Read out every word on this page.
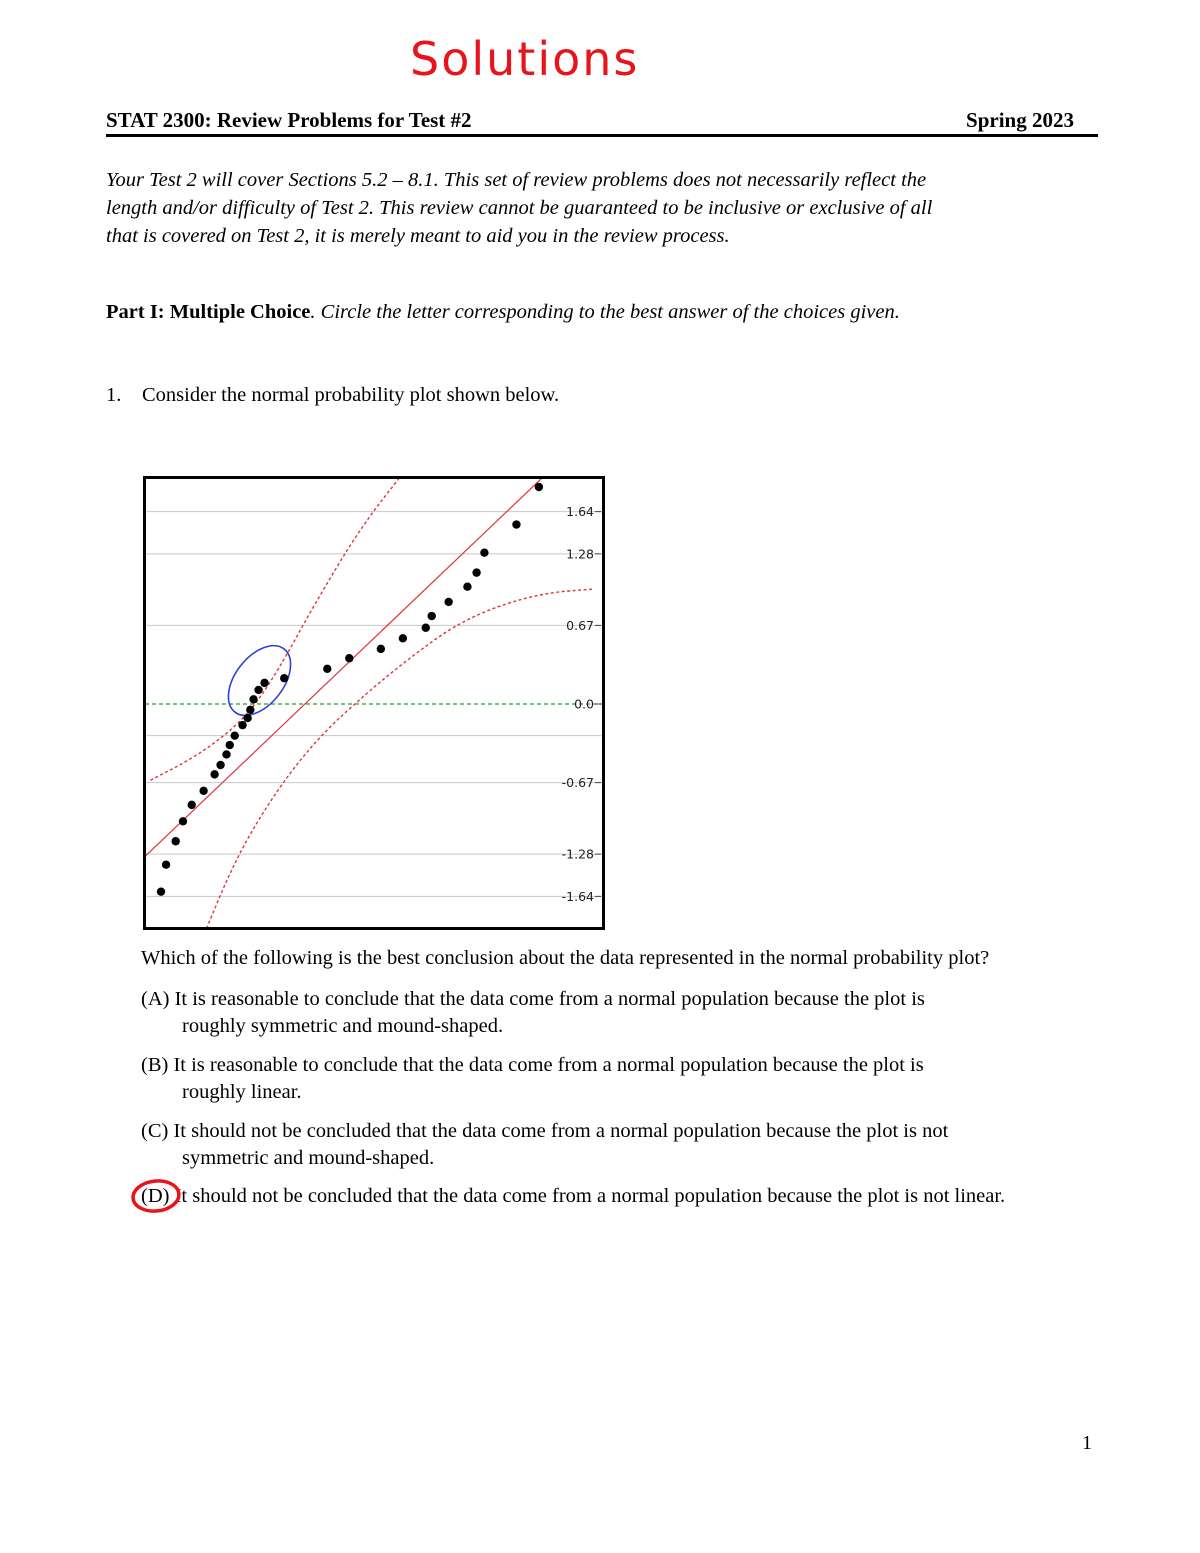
Solutions
STAT 2300: Review Problems for Test #2	Spring 2023
Your Test 2 will cover Sections 5.2 – 8.1. This set of review problems does not necessarily reflect the
length and/or difficulty of Test 2. This review cannot be guaranteed to be inclusive or exclusive of all
that is covered on Test 2, it is merely meant to aid you in the review process.
Part I: Multiple Choice. Circle the letter corresponding to the best answer of the choices given.
1. Consider the normal probability plot shown below.
1.64
1.28
0.67
0.0
-0.67
-1.28
-1.64
Which of the following is the best conclusion about the data represented in the normal probability plot?
(A) It is reasonable to conclude that the data come from a normal population because the plot is
roughly symmetric and mound-shaped.
(B) It is reasonable to conclude that the data come from a normal population because the plot is
roughly linear.
(C) It should not be concluded that the data come from a normal population because the plot is not
symmetric and mound-shaped.
(D) It should not be concluded that the data come from a normal population because the plot is not linear.
1
